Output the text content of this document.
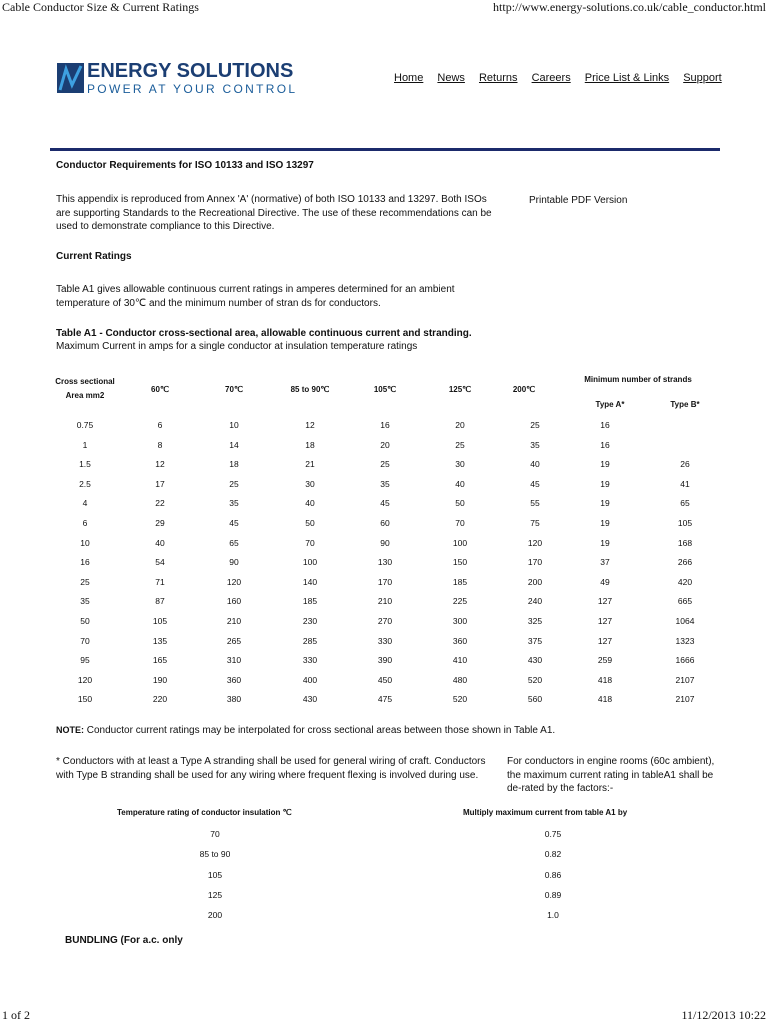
Cable Conductor Size & Current Ratings	http://www.energy-solutions.co.uk/cable_conductor.html
ENERGY SOLUTIONS
POWER AT YOUR CONTROL
Home News Returns Careers Price List & Links Support
Conductor Requirements for ISO 10133 and ISO 13297
This appendix is reproduced from Annex 'A' (normative) of both ISO 10133 and 13297. Both ISOs are supporting Standards to the Recreational Directive. The use of these recommendations can be used to demonstrate compliance to this Directive.
Printable PDF Version
Current Ratings
Table A1 gives allowable continuous current ratings in amperes determined for an ambient temperature of 30℃ and the minimum number of stran ds for conductors.
Table A1 - Conductor cross-sectional area, allowable continuous current and stranding.
Maximum Current in amps for a single conductor at insulation temperature ratings
Cross sectional
Area mm2
60℃	70℃	85 to 90℃	105℃	125℃	200℃
Minimum number of strands
Type A*	Type B*
0.75	6	10	12	16	20	25	16
1	8	14	18	20	25	35	16
1.5	12	18	21	25	30	40	19	26
2.5	17	25	30	35	40	45	19	41
4	22	35	40	45	50	55	19	65
6	29	45	50	60	70	75	19	105
10	40	65	70	90	100	120	19	168
16	54	90	100	130	150	170	37	266
25	71	120	140	170	185	200	49	420
35	87	160	185	210	225	240	127	665
50	105	210	230	270	300	325	127	1064
70	135	265	285	330	360	375	127	1323
95	165	310	330	390	410	430	259	1666
120	190	360	400	450	480	520	418	2107
150	220	380	430	475	520	560	418	2107
NOTE: Conductor current ratings may be interpolated for cross sectional areas between those shown in Table A1.
* Conductors with at least a Type A stranding shall be used for general wiring of craft. Conductors with Type B stranding shall be used for any wiring where frequent flexing is involved during use.
For conductors in engine rooms (60c ambient), the maximum current rating in tableA1 shall be de-rated by the factors:-
Temperature rating of conductor insulation ℃	Multiply maximum current from table A1 by
70	0.75
85 to 90	0.82
105	0.86
125	0.89
200	1.0
BUNDLING (For a.c. only
1 of 2	11/12/2013 10:22
